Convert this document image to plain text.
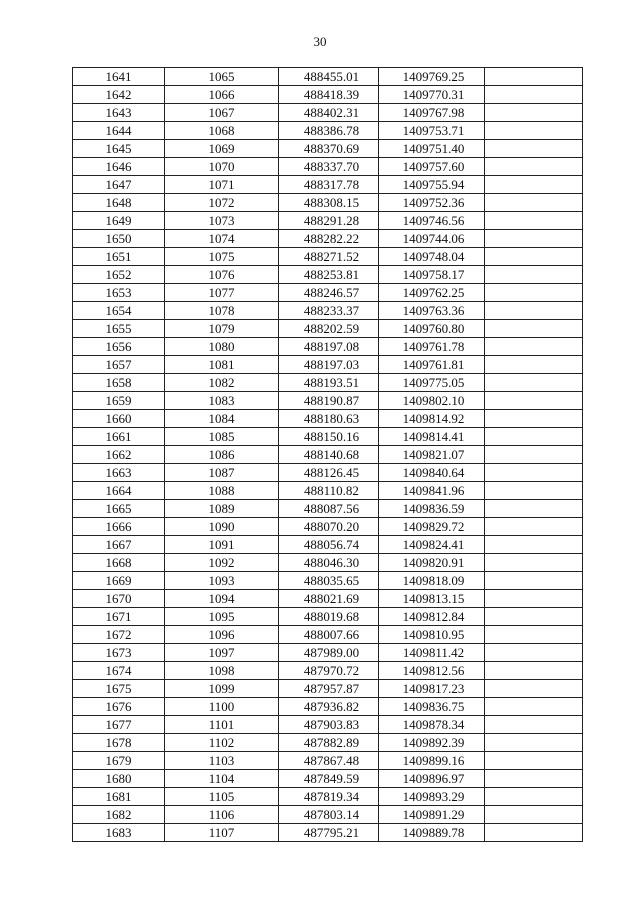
30
1641	1065	488455.01	1409769.25	
1642	1066	488418.39	1409770.31	
1643	1067	488402.31	1409767.98	
1644	1068	488386.78	1409753.71	
1645	1069	488370.69	1409751.40	
1646	1070	488337.70	1409757.60	
1647	1071	488317.78	1409755.94	
1648	1072	488308.15	1409752.36	
1649	1073	488291.28	1409746.56	
1650	1074	488282.22	1409744.06	
1651	1075	488271.52	1409748.04	
1652	1076	488253.81	1409758.17	
1653	1077	488246.57	1409762.25	
1654	1078	488233.37	1409763.36	
1655	1079	488202.59	1409760.80	
1656	1080	488197.08	1409761.78	
1657	1081	488197.03	1409761.81	
1658	1082	488193.51	1409775.05	
1659	1083	488190.87	1409802.10	
1660	1084	488180.63	1409814.92	
1661	1085	488150.16	1409814.41	
1662	1086	488140.68	1409821.07	
1663	1087	488126.45	1409840.64	
1664	1088	488110.82	1409841.96	
1665	1089	488087.56	1409836.59	
1666	1090	488070.20	1409829.72	
1667	1091	488056.74	1409824.41	
1668	1092	488046.30	1409820.91	
1669	1093	488035.65	1409818.09	
1670	1094	488021.69	1409813.15	
1671	1095	488019.68	1409812.84	
1672	1096	488007.66	1409810.95	
1673	1097	487989.00	1409811.42	
1674	1098	487970.72	1409812.56	
1675	1099	487957.87	1409817.23	
1676	1100	487936.82	1409836.75	
1677	1101	487903.83	1409878.34	
1678	1102	487882.89	1409892.39	
1679	1103	487867.48	1409899.16	
1680	1104	487849.59	1409896.97	
1681	1105	487819.34	1409893.29	
1682	1106	487803.14	1409891.29	
1683	1107	487795.21	1409889.78	
